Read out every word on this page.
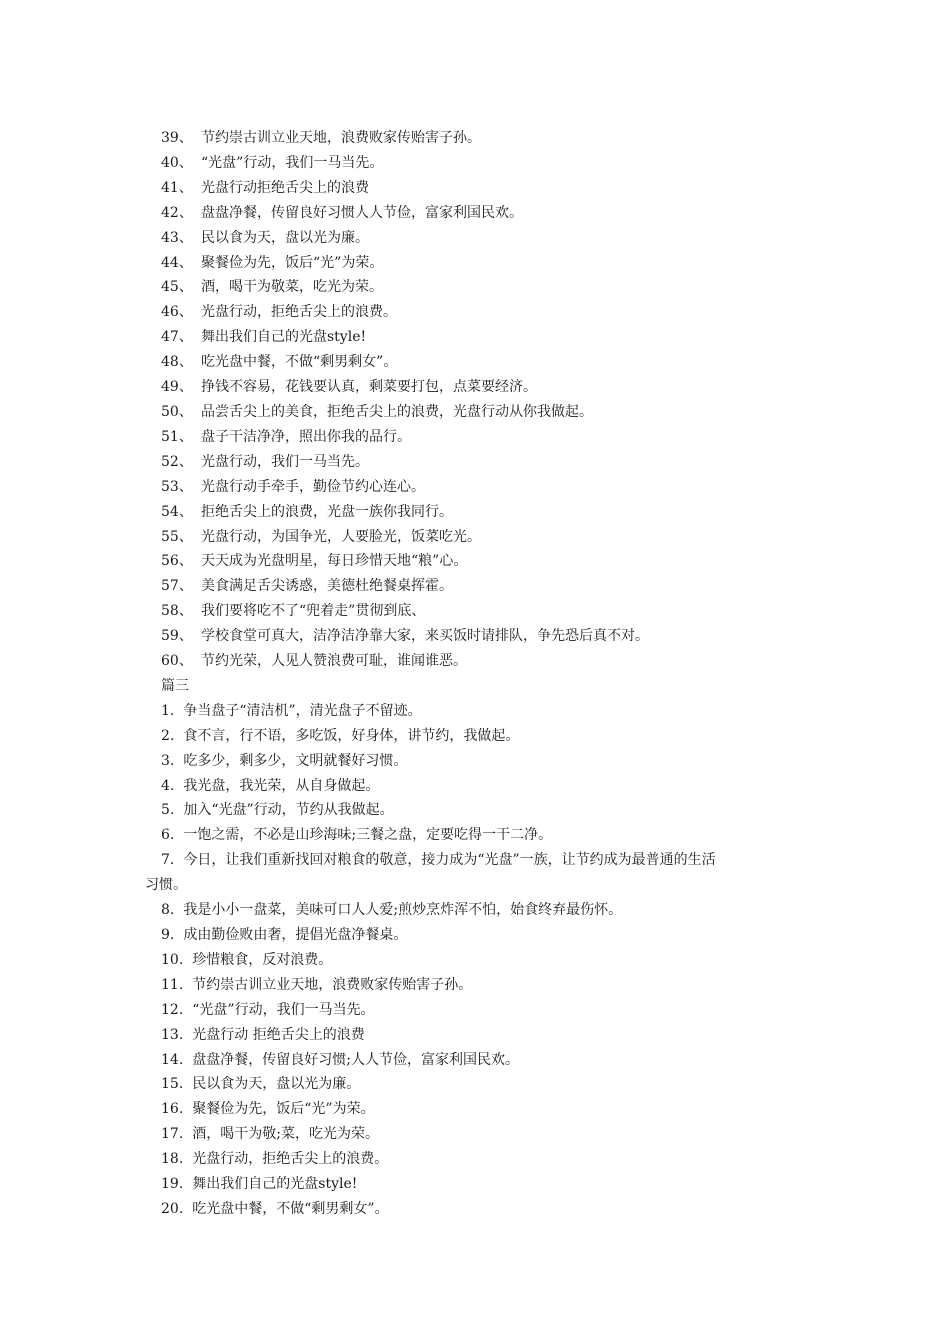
39、 节约崇古训立业天地，浪费败家传贻害子孙。
40、 “光盘”行动，我们一马当先。
41、 光盘行动拒绝舌尖上的浪费
42、 盘盘净餐，传留良好习惯人人节俭，富家利国民欢。
43、 民以食为天，盘以光为廉。
44、 聚餐俭为先，饭后“光”为荣。
45、 酒，喝干为敬菜，吃光为荣。
46、 光盘行动，拒绝舌尖上的浪费。
47、 舞出我们自己的光盘style!
48、 吃光盘中餐，不做“剩男剩女”。
49、 挣钱不容易，花钱要认真，剩菜要打包，点菜要经济。
50、 品尝舌尖上的美食，拒绝舌尖上的浪费，光盘行动从你我做起。
51、 盘子干洁净净，照出你我的品行。
52、 光盘行动，我们一马当先。
53、 光盘行动手牵手，勤俭节约心连心。
54、 拒绝舌尖上的浪费，光盘一族你我同行。
55、 光盘行动，为国争光，人要脸光，饭菜吃光。
56、 天天成为光盘明星，每日珍惜天地“粮”心。
57、 美食满足舌尖诱惑，美德杜绝餐桌挥霍。
58、 我们要将吃不了“兜着走”贯彻到底、
59、 学校食堂可真大，洁净洁净靠大家，来买饭时请排队，争先恐后真不对。
60、 节约光荣，人见人赞浪费可耻，谁闻谁恶。
篇三
1. 争当盘子“清洁机”，清光盘子不留迹。
2. 食不言，行不语，多吃饭，好身体，讲节约，我做起。
3. 吃多少，剩多少，文明就餐好习惯。
4. 我光盘，我光荣，从自身做起。
5. 加入“光盘”行动，节约从我做起。
6. 一饱之需，不必是山珍海味;三餐之盘，定要吃得一干二净。
7. 今日，让我们重新找回对粮食的敬意，接力成为“光盘”一族，让节约成为最普通的生活
习惯。
8. 我是小小一盘菜，美味可口人人爱;煎炒烹炸浑不怕，始食终弃最伤怀。
9. 成由勤俭败由奢，提倡光盘净餐桌。
10. 珍惜粮食，反对浪费。
11. 节约崇古训立业天地，浪费败家传贻害子孙。
12. “光盘”行动，我们一马当先。
13. 光盘行动 拒绝舌尖上的浪费
14. 盘盘净餐，传留良好习惯;人人节俭，富家利国民欢。
15. 民以食为天，盘以光为廉。
16. 聚餐俭为先，饭后“光”为荣。
17. 酒，喝干为敬;菜，吃光为荣。
18. 光盘行动，拒绝舌尖上的浪费。
19. 舞出我们自己的光盘style!
20. 吃光盘中餐，不做“剩男剩女”。
